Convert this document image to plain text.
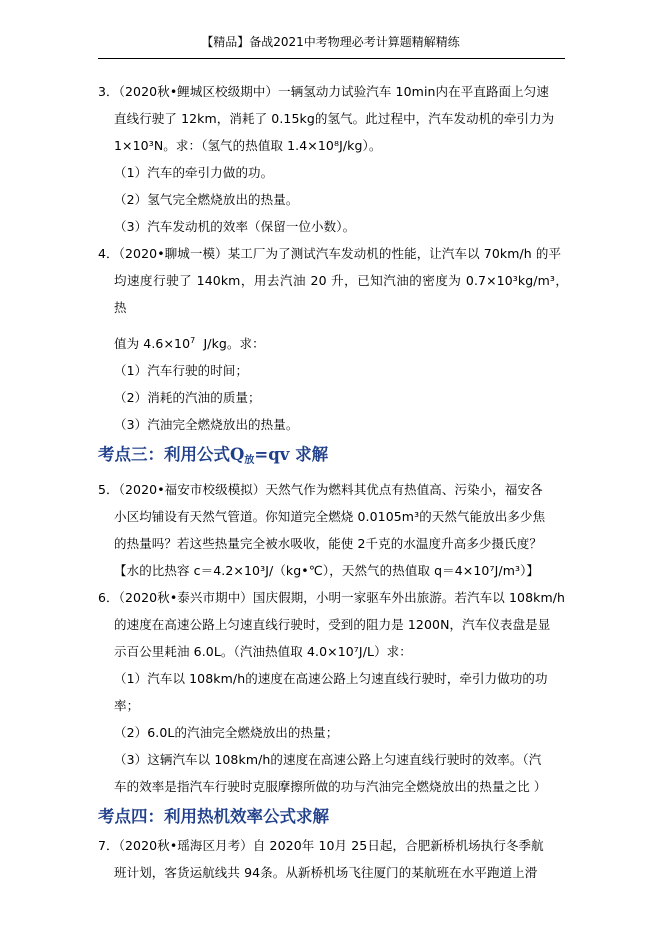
【精品】备战2021中考物理必考计算题精解精练

3．（2020秋•鲤城区校级期中）一辆氢动力试验汽车 10min内在平直路面上匀速

直线行驶了 12km，消耗了 0.15kg的氢气。此过程中，汽车发动机的牵引力为

1×10³N。求：（氢气的热值取 1.4×10⁸J/kg）。

（1）汽车的牵引力做的功。

（2）氢气完全燃烧放出的热量。

（3）汽车发动机的效率（保留一位小数）。

4．（2020•聊城一模）某工厂为了测试汽车发动机的性能，让汽车以 70km/h 的平

均速度行驶了 140km，用去汽油 20 升，已知汽油的密度为 0.7×10³kg/m³，热

值为 $4.6\times 10^7$  J/kg。求：

（1）汽车行驶的时间；

（2）消耗的汽油的质量；

（3）汽油完全燃烧放出的热量。

考点三：利用公式$Q_放=qv$ 求解

5．（2020•福安市校级模拟）天然气作为燃料其优点有热值高、污染小，福安各

小区均铺设有天然气管道。你知道完全燃烧 0.0105m³的天然气能放出多少焦

的热量吗？若这些热量完全被水吸收，能使 2千克的水温度升高多少摄氏度？

【水的比热容 c＝4.2×10³J/（kg•℃），天然气的热值取 q＝4×10⁷J/m³）】

6．（2020秋•泰兴市期中）国庆假期，小明一家驱车外出旅游。若汽车以 108km/h

的速度在高速公路上匀速直线行驶时，受到的阻力是 1200N，汽车仪表盘是显

示百公里耗油 6.0L。（汽油热值取 4.0×10⁷J/L）求：

（1）汽车以 108km/h的速度在高速公路上匀速直线行驶时，牵引力做功的功

率；

（2）6.0L的汽油完全燃烧放出的热量；

（3）这辆汽车以 108km/h的速度在高速公路上匀速直线行驶时的效率。（汽

车的效率是指汽车行驶时克服摩擦所做的功与汽油完全燃烧放出的热量之比 ）

考点四：利用热机效率公式求解

7．（2020秋•瑶海区月考）自 2020年 10月 25日起，合肥新桥机场执行冬季航

班计划，客货运航线共 94条。从新桥机场飞往厦门的某航班在水平跑道上滑
